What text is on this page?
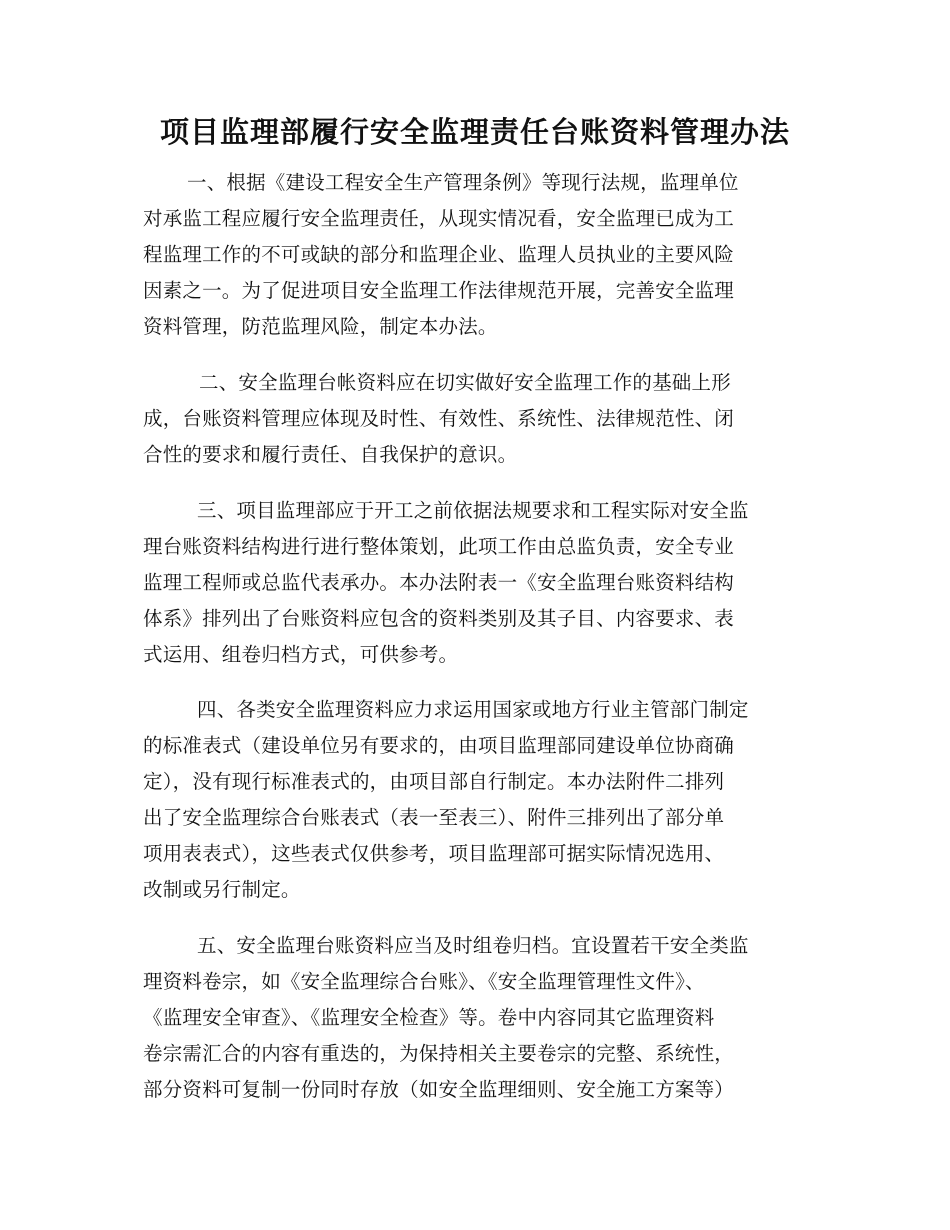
项目监理部履行安全监理责任台账资料管理办法
一、根据《建设工程安全生产管理条例》等现行法规，监理单位
对承监工程应履行安全监理责任，从现实情况看，安全监理已成为工
程监理工作的不可或缺的部分和监理企业、监理人员执业的主要风险
因素之一。为了促进项目安全监理工作法律规范开展，完善安全监理
资料管理，防范监理风险，制定本办法。
二、安全监理台帐资料应在切实做好安全监理工作的基础上形
成，台账资料管理应体现及时性、有效性、系统性、法律规范性、闭
合性的要求和履行责任、自我保护的意识。
三、项目监理部应于开工之前依据法规要求和工程实际对安全监
理台账资料结构进行进行整体策划，此项工作由总监负责，安全专业
监理工程师或总监代表承办。本办法附表一《安全监理台账资料结构
体系》排列出了台账资料应包含的资料类别及其子目、内容要求、表
式运用、组卷归档方式，可供参考。
四、各类安全监理资料应力求运用国家或地方行业主管部门制定
的标准表式（建设单位另有要求的，由项目监理部同建设单位协商确
定），没有现行标准表式的，由项目部自行制定。本办法附件二排列
出了安全监理综合台账表式（表一至表三）、附件三排列出了部分单
项用表表式），这些表式仅供参考，项目监理部可据实际情况选用、
改制或另行制定。
五、安全监理台账资料应当及时组卷归档。宜设置若干安全类监
理资料卷宗，如《安全监理综合台账》、《安全监理管理性文件》、
《监理安全审查》、《监理安全检查》等。卷中内容同其它监理资料
卷宗需汇合的内容有重迭的，为保持相关主要卷宗的完整、系统性，
部分资料可复制一份同时存放（如安全监理细则、安全施工方案等）
